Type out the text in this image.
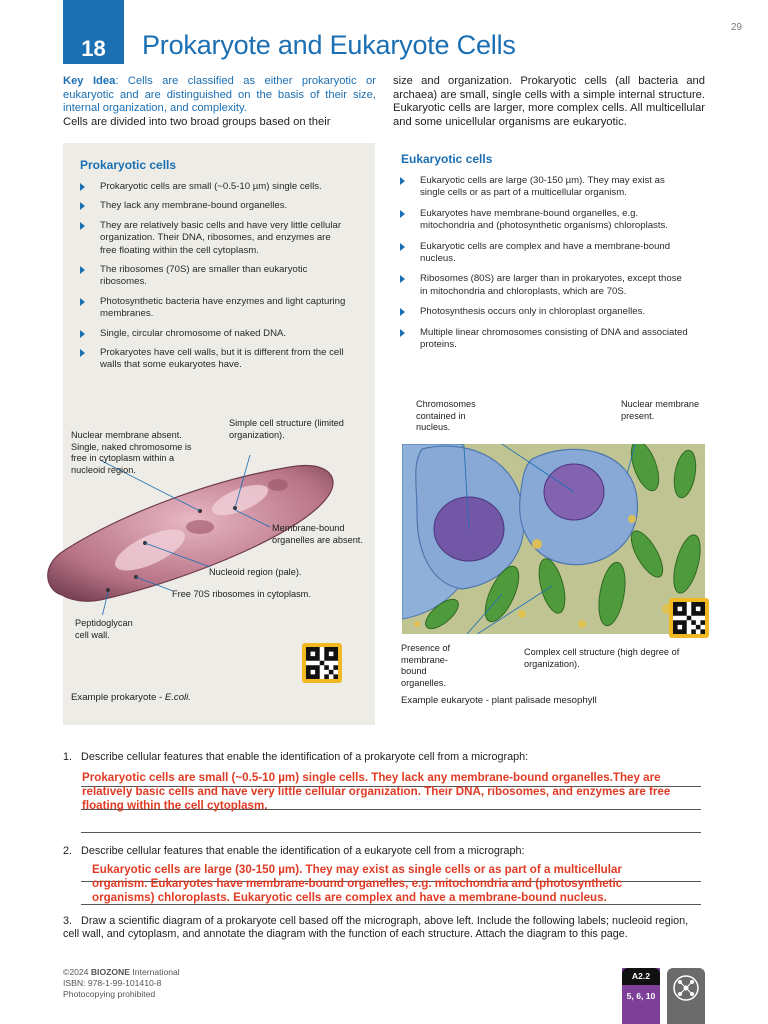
18 Prokaryote and Eukaryote Cells
29
Key Idea: Cells are classified as either prokaryotic or eukaryotic and are distinguished on the basis of their size, internal organization, and complexity.
Cells are divided into two broad groups based on their
size and organization. Prokaryotic cells (all bacteria and archaea) are small, single cells with a simple internal structure. Eukaryotic cells are larger, more complex cells. All multicellular and some unicellular organisms are eukaryotic.
Prokaryotic cells
Prokaryotic cells are small (~0.5-10 µm) single cells.
They lack any membrane-bound organelles.
They are relatively basic cells and have very little cellular organization. Their DNA, ribosomes, and enzymes are free floating within the cell cytoplasm.
The ribosomes (70S) are smaller than eukaryotic ribosomes.
Photosynthetic bacteria have enzymes and light capturing membranes.
Single, circular chromosome of naked DNA.
Prokaryotes have cell walls, but it is different from the cell walls that some eukaryotes have.
Nuclear membrane absent. Single, naked chromosome is free in cytoplasm within a nucleoid region.
Simple cell structure (limited organization).
Membrane-bound organelles are absent.
Nucleoid region (pale).
Free 70S ribosomes in cytoplasm.
Peptidoglycan cell wall.
Example prokaryote - E.coli.
Eukaryotic cells
Eukaryotic cells are large (30-150 µm). They may exist as single cells or as part of a multicellular organism.
Eukaryotes have membrane-bound organelles, e.g. mitochondria and (photosynthetic organisms) chloroplasts.
Eukaryotic cells are complex and have a membrane-bound nucleus.
Ribosomes (80S) are larger than in prokaryotes, except those in mitochondria and chloroplasts, which are 70S.
Photosynthesis occurs only in chloroplast organelles.
Multiple linear chromosomes consisting of DNA and associated proteins.
Chromosomes contained in nucleus.
Nuclear membrane present.
Presence of membrane-bound organelles.
Complex cell structure (high degree of organization).
Example eukaryote - plant palisade mesophyll
1. Describe cellular features that enable the identification of a prokaryote cell from a micrograph:
Prokaryotic cells are small (~0.5-10 µm) single cells. They lack any membrane-bound organelles.They are relatively basic cells and have very little cellular organization. Their DNA, ribosomes, and enzymes are free floating within the cell cytoplasm.
2. Describe cellular features that enable the identification of a eukaryote cell from a micrograph:
Eukaryotic cells are large (30-150 µm). They may exist as single cells or as part of a multicellular organism. Eukaryotes have membrane-bound organelles, e.g. mitochondria and (photosynthetic organisms) chloroplasts. Eukaryotic cells are complex and have a membrane-bound nucleus.
3. Draw a scientific diagram of a prokaryote cell based off the micrograph, above left. Include the following labels; nucleoid region, cell wall, and cytoplasm, and annotate the diagram with the function of each structure. Attach the diagram to this page.
©2024 BIOZONE International
ISBN: 978-1-99-101410-8
Photocopying prohibited
A2.2
5, 6, 10
